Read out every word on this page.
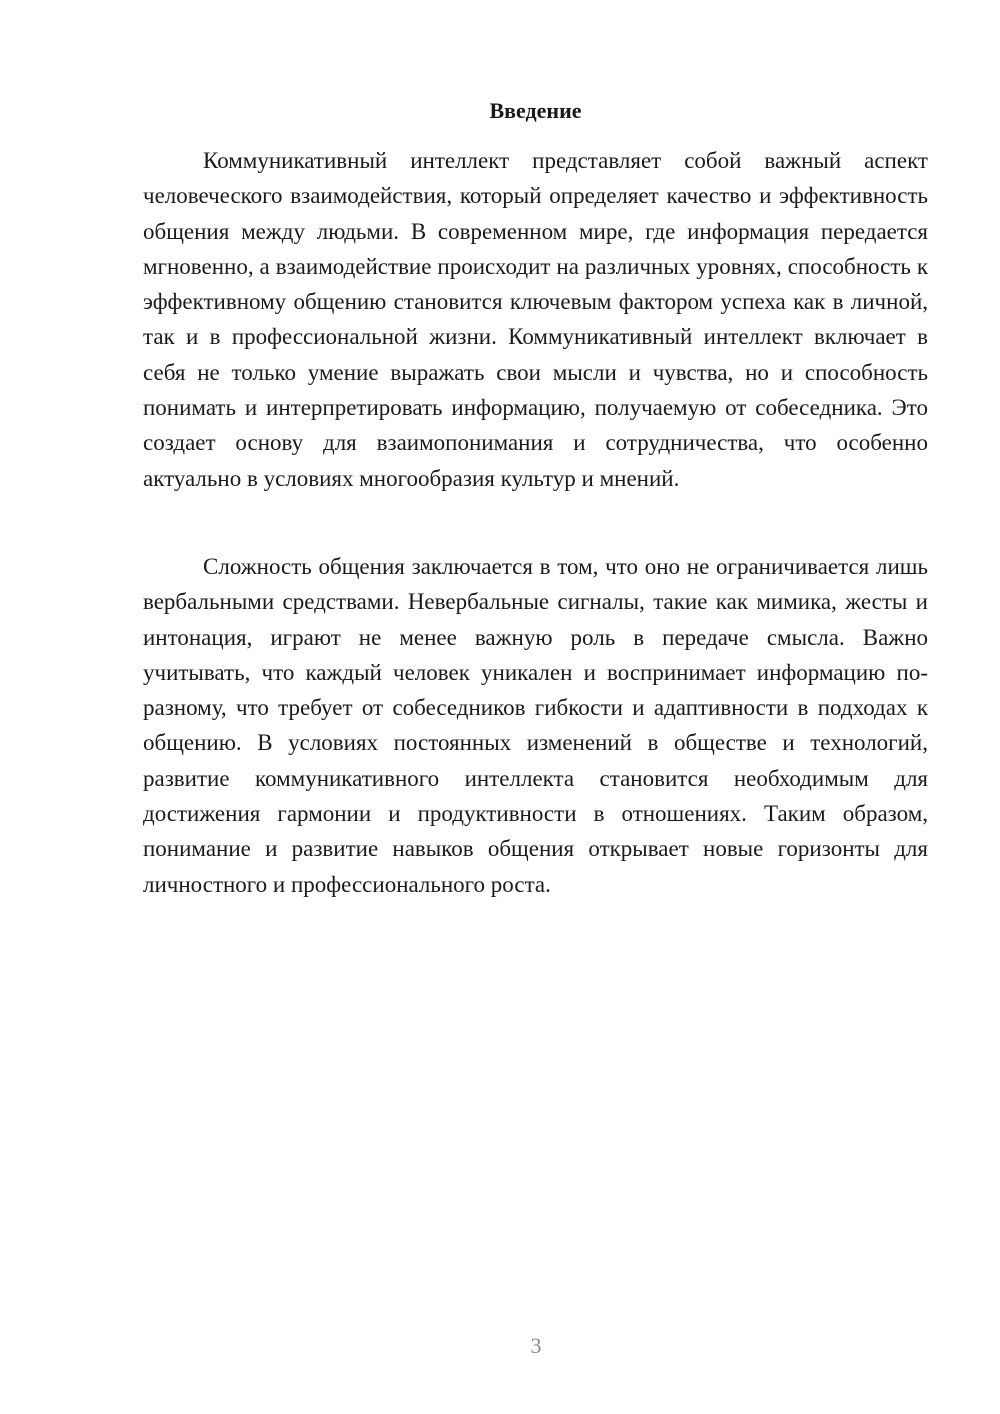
Введение

Коммуникативный интеллект представляет собой важный аспект человеческого взаимодействия, который определяет качество и эффективность общения между людьми. В современном мире, где информация передается мгновенно, а взаимодействие происходит на различных уровнях, способность к эффективному общению становится ключевым фактором успеха как в личной, так и в профессиональной жизни. Коммуникативный интеллект включает в себя не только умение выражать свои мысли и чувства, но и способность понимать и интерпретировать информацию, получаемую от собеседника. Это создает основу для взаимопонимания и сотрудничества, что особенно актуально в условиях многообразия культур и мнений.

Сложность общения заключается в том, что оно не ограничивается лишь вербальными средствами. Невербальные сигналы, такие как мимика, жесты и интонация, играют не менее важную роль в передаче смысла. Важно учитывать, что каждый человек уникален и воспринимает информацию по-разному, что требует от собеседников гибкости и адаптивности в подходах к общению. В условиях постоянных изменений в обществе и технологий, развитие коммуникативного интеллекта становится необходимым для достижения гармонии и продуктивности в отношениях. Таким образом, понимание и развитие навыков общения открывает новые горизонты для личностного и профессионального роста.

3
